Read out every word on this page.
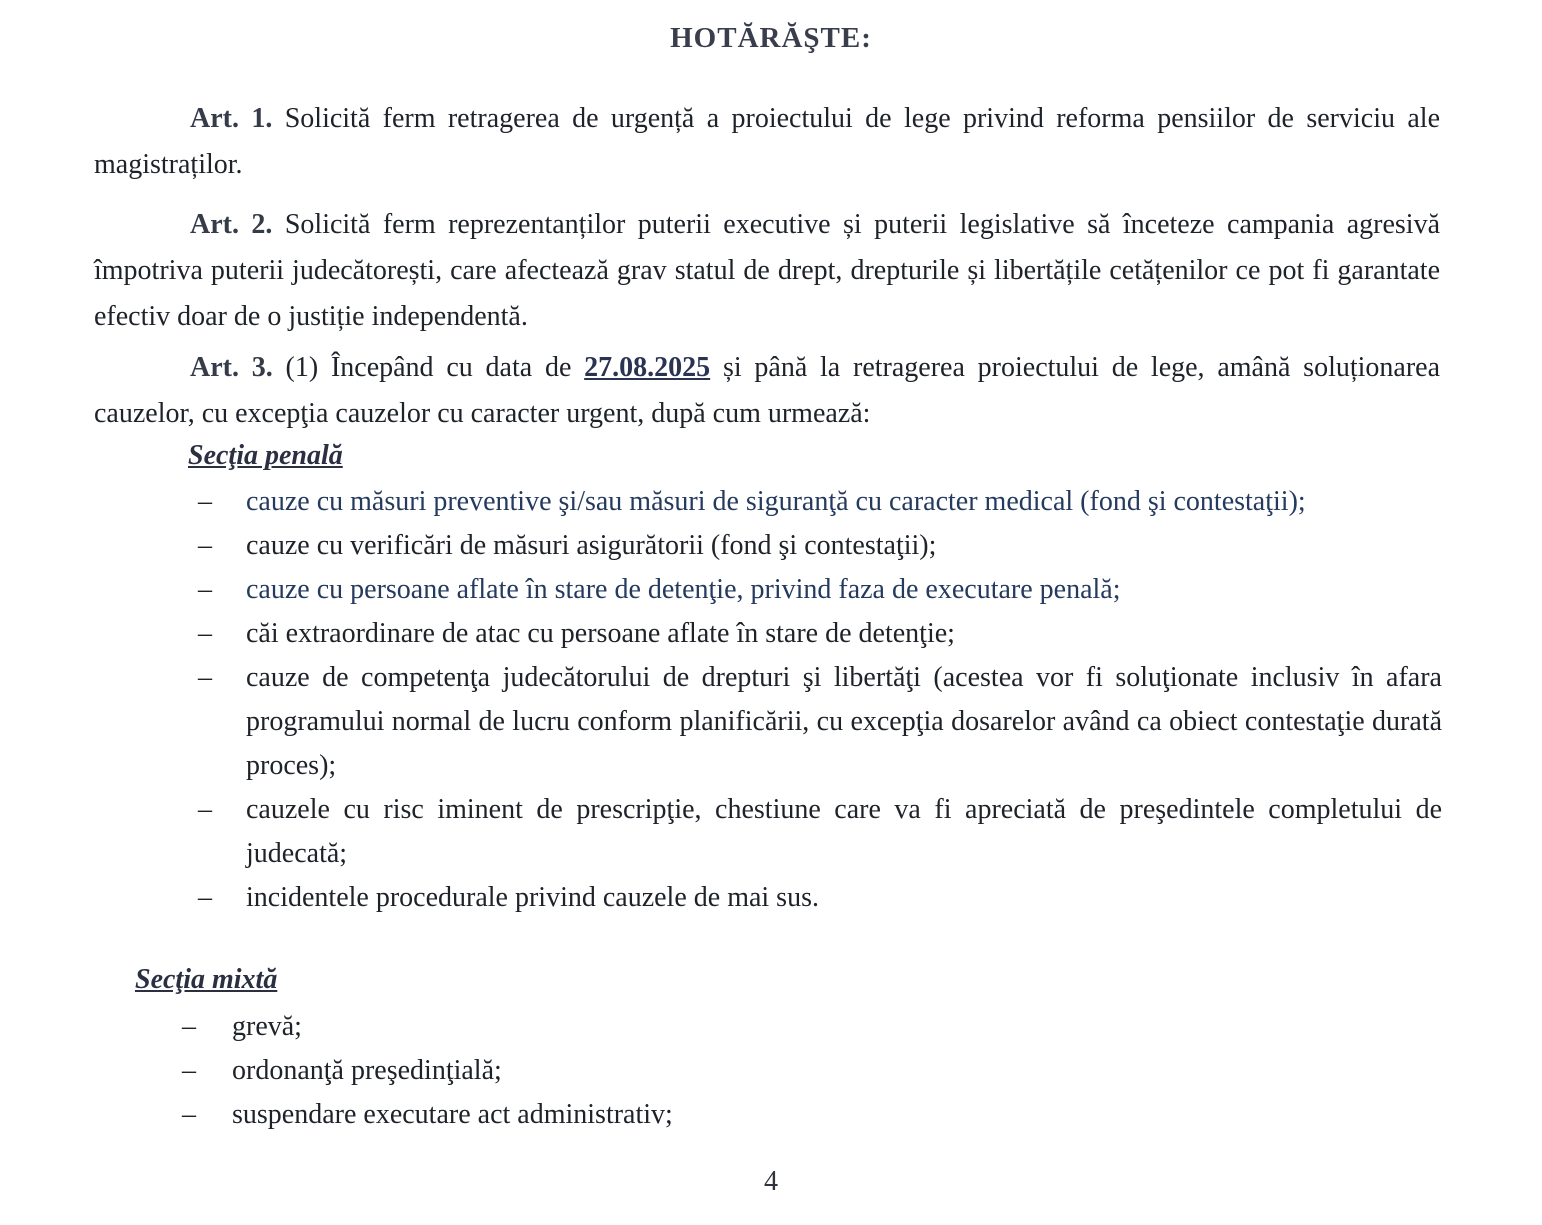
HOTĂRĂŞTE:

Art. 1. Solicită ferm retragerea de urgență a proiectului de lege privind reforma pensiilor de serviciu ale magistraților.

Art. 2. Solicită ferm reprezentanților puterii executive și puterii legislative să înceteze campania agresivă împotriva puterii judecătorești, care afectează grav statul de drept, drepturile și libertățile cetățenilor ce pot fi garantate efectiv doar de o justiție independentă.

Art. 3. (1) Începând cu data de 27.08.2025 și până la retragerea proiectului de lege, amână soluționarea cauzelor, cu excepţia cauzelor cu caracter urgent, după cum urmează:

Secţia penală
– cauze cu măsuri preventive şi/sau măsuri de siguranţă cu caracter medical (fond şi contestaţii);
– cauze cu verificări de măsuri asigurătorii (fond şi contestaţii);
– cauze cu persoane aflate în stare de detenţie, privind faza de executare penală;
– căi extraordinare de atac cu persoane aflate în stare de detenţie;
– cauze de competenţa judecătorului de drepturi şi libertăţi (acestea vor fi soluţionate inclusiv în afara programului normal de lucru conform planificării, cu excepţia dosarelor având ca obiect contestaţie durată proces);
– cauzele cu risc iminent de prescripţie, chestiune care va fi apreciată de preşedintele completului de judecată;
– incidentele procedurale privind cauzele de mai sus.
Secţia mixtă
– grevă;
– ordonanţă preşedinţială;
– suspendare executare act administrativ;
4
